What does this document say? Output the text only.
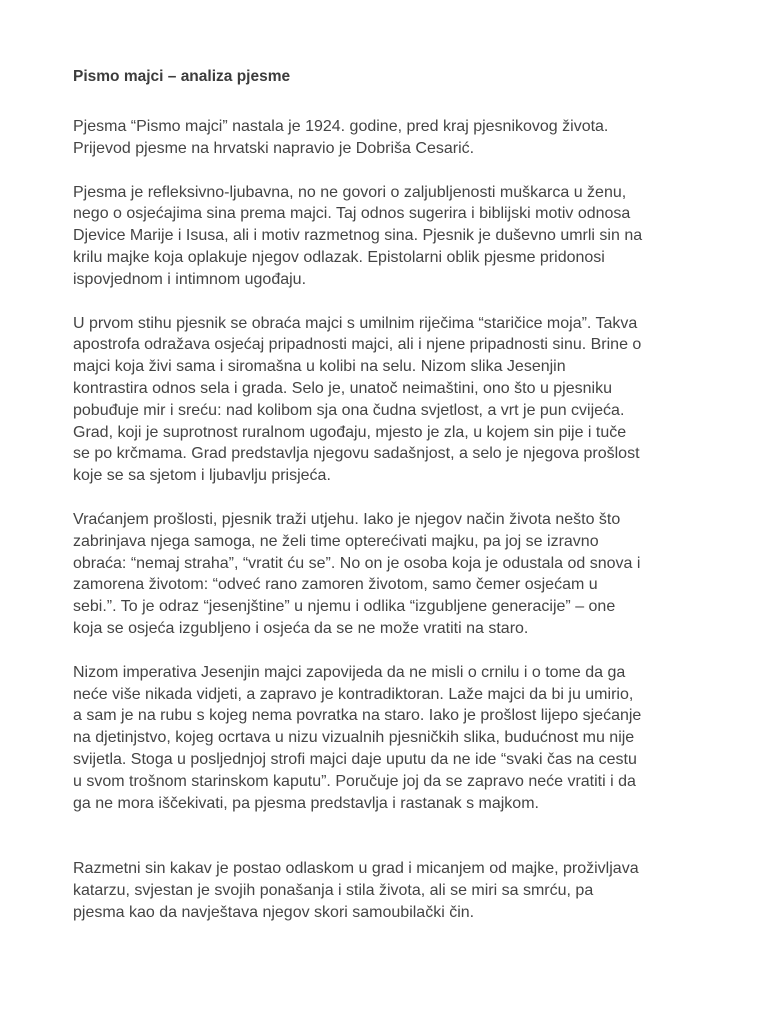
Pismo majci – analiza pjesme
Pjesma “Pismo majci” nastala je 1924. godine, pred kraj pjesnikovog života.
Prijevod pjesme na hrvatski napravio je Dobriša Cesarić.
Pjesma je refleksivno-ljubavna, no ne govori o zaljubljenosti muškarca u ženu,
nego o osjećajima sina prema majci. Taj odnos sugerira i biblijski motiv odnosa
Djevice Marije i Isusa, ali i motiv razmetnog sina. Pjesnik je duševno umrli sin na
krilu majke koja oplakuje njegov odlazak. Epistolarni oblik pjesme pridonosi
ispovjednom i intimnom ugođaju.
U prvom stihu pjesnik se obraća majci s umilnim riječima “staričice moja”. Takva
apostrofa odražava osjećaj pripadnosti majci, ali i njene pripadnosti sinu. Brine o
majci koja živi sama i siromašna u kolibi na selu. Nizom slika Jesenjin
kontrastira odnos sela i grada. Selo je, unatoč neimaštini, ono što u pjesniku
pobuđuje mir i sreću: nad kolibom sja ona čudna svjetlost, a vrt je pun cvijeća.
Grad, koji je suprotnost ruralnom ugođaju, mjesto je zla, u kojem sin pije i tuče
se po krčmama. Grad predstavlja njegovu sadašnjost, a selo je njegova prošlost
koje se sa sjetom i ljubavlju prisjeća.
Vraćanjem prošlosti, pjesnik traži utjehu. Iako je njegov način života nešto što
zabrinjava njega samoga, ne želi time opterećivati majku, pa joj se izravno
obraća: “nemaj straha”, “vratit ću se”. No on je osoba koja je odustala od snova i
zamorena životom: “odveć rano zamoren životom, samo čemer osjećam u
sebi.”. To je odraz “jesenjštine” u njemu i odlika “izgubljene generacije” – one
koja se osjeća izgubljeno i osjeća da se ne može vratiti na staro.
Nizom imperativa Jesenjin majci zapovijeda da ne misli o crnilu i o tome da ga
neće više nikada vidjeti, a zapravo je kontradiktoran. Laže majci da bi ju umirio,
a sam je na rubu s kojeg nema povratka na staro. Iako je prošlost lijepo sjećanje
na djetinjstvo, kojeg ocrtava u nizu vizualnih pjesničkih slika, budućnost mu nije
svijetla. Stoga u posljednjoj strofi majci daje uputu da ne ide “svaki čas na cestu
u svom trošnom starinskom kaputu”. Poručuje joj da se zapravo neće vratiti i da
ga ne mora iščekivati, pa pjesma predstavlja i rastanak s majkom.
Razmetni sin kakav je postao odlaskom u grad i micanjem od majke, proživljava
katarzu, svjestan je svojih ponašanja i stila života, ali se miri sa smrću, pa
pjesma kao da navještava njegov skori samoubilački čin.
